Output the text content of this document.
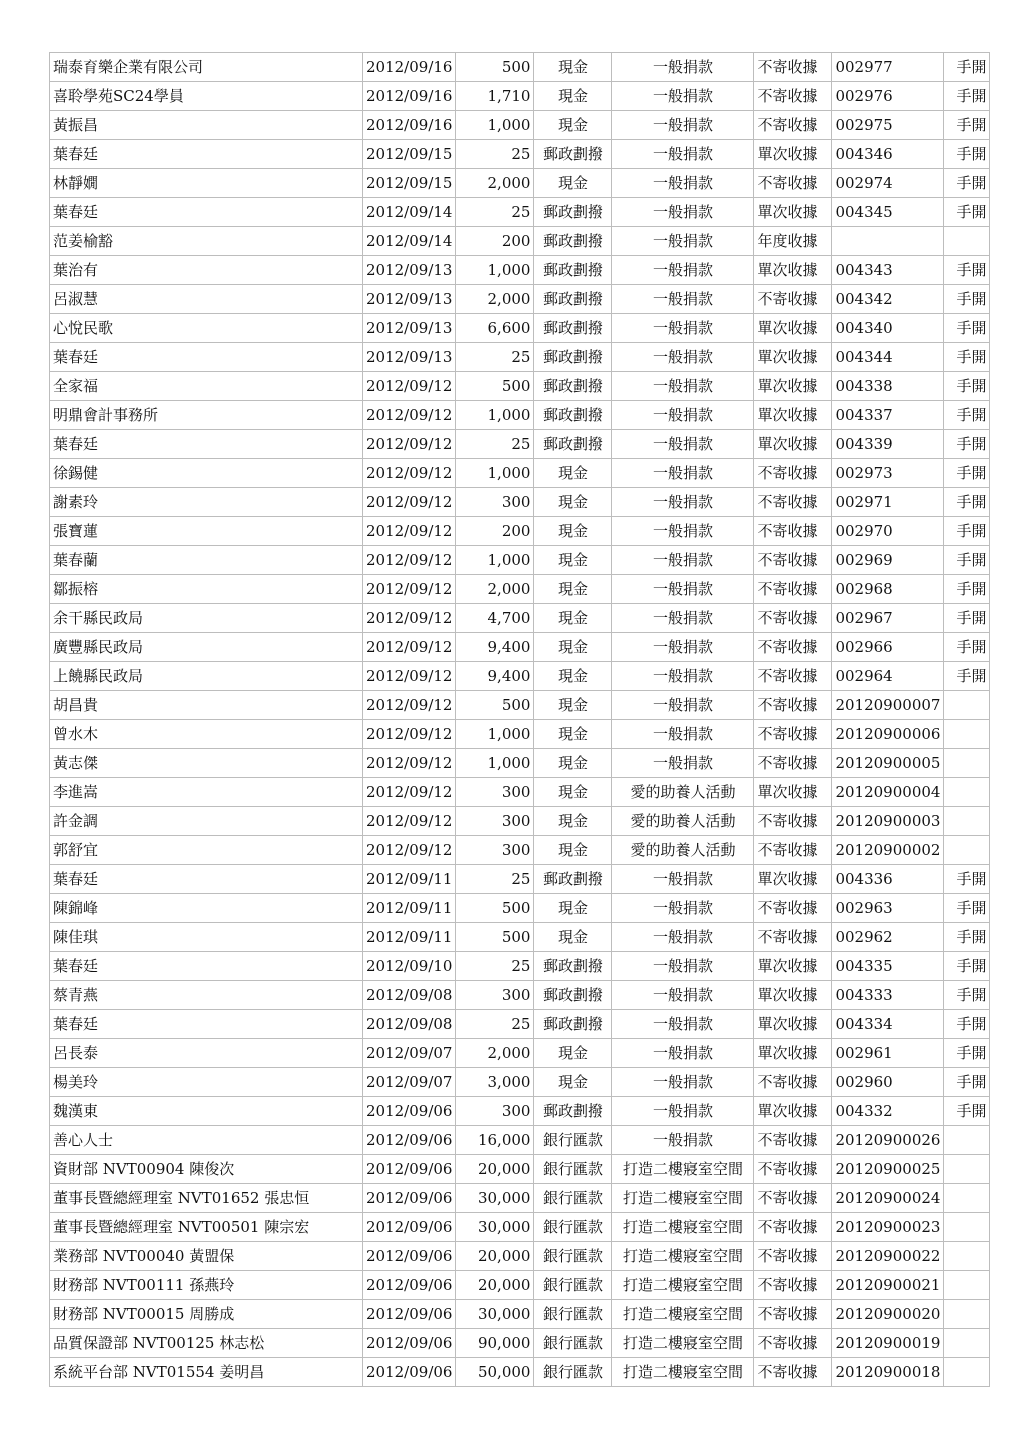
瑞泰育樂企業有限公司	2012/09/16	500	現金	一般捐款	不寄收據	002977	手開
喜聆學苑SC24學員	2012/09/16	1,710	現金	一般捐款	不寄收據	002976	手開
黃振昌	2012/09/16	1,000	現金	一般捐款	不寄收據	002975	手開
葉春廷	2012/09/15	25	郵政劃撥	一般捐款	單次收據	004346	手開
林靜嫺	2012/09/15	2,000	現金	一般捐款	不寄收據	002974	手開
葉春廷	2012/09/14	25	郵政劃撥	一般捐款	單次收據	004345	手開
范姜榆豁	2012/09/14	200	郵政劃撥	一般捐款	年度收據		
葉治有	2012/09/13	1,000	郵政劃撥	一般捐款	單次收據	004343	手開
呂淑慧	2012/09/13	2,000	郵政劃撥	一般捐款	不寄收據	004342	手開
心悅民歌	2012/09/13	6,600	郵政劃撥	一般捐款	單次收據	004340	手開
葉春廷	2012/09/13	25	郵政劃撥	一般捐款	單次收據	004344	手開
全家福	2012/09/12	500	郵政劃撥	一般捐款	單次收據	004338	手開
明鼎會計事務所	2012/09/12	1,000	郵政劃撥	一般捐款	單次收據	004337	手開
葉春廷	2012/09/12	25	郵政劃撥	一般捐款	單次收據	004339	手開
徐錫健	2012/09/12	1,000	現金	一般捐款	不寄收據	002973	手開
謝素玲	2012/09/12	300	現金	一般捐款	不寄收據	002971	手開
張寶蓮	2012/09/12	200	現金	一般捐款	不寄收據	002970	手開
葉春蘭	2012/09/12	1,000	現金	一般捐款	不寄收據	002969	手開
鄒振榕	2012/09/12	2,000	現金	一般捐款	不寄收據	002968	手開
余干縣民政局	2012/09/12	4,700	現金	一般捐款	不寄收據	002967	手開
廣豐縣民政局	2012/09/12	9,400	現金	一般捐款	不寄收據	002966	手開
上饒縣民政局	2012/09/12	9,400	現金	一般捐款	不寄收據	002964	手開
胡昌貴	2012/09/12	500	現金	一般捐款	不寄收據	20120900007	
曾水木	2012/09/12	1,000	現金	一般捐款	不寄收據	20120900006	
黃志傑	2012/09/12	1,000	現金	一般捐款	不寄收據	20120900005	
李進嵩	2012/09/12	300	現金	愛的助養人活動	單次收據	20120900004	
許金調	2012/09/12	300	現金	愛的助養人活動	不寄收據	20120900003	
郭舒宜	2012/09/12	300	現金	愛的助養人活動	不寄收據	20120900002	
葉春廷	2012/09/11	25	郵政劃撥	一般捐款	單次收據	004336	手開
陳錦峰	2012/09/11	500	現金	一般捐款	不寄收據	002963	手開
陳佳琪	2012/09/11	500	現金	一般捐款	不寄收據	002962	手開
葉春廷	2012/09/10	25	郵政劃撥	一般捐款	單次收據	004335	手開
蔡青燕	2012/09/08	300	郵政劃撥	一般捐款	單次收據	004333	手開
葉春廷	2012/09/08	25	郵政劃撥	一般捐款	單次收據	004334	手開
呂長泰	2012/09/07	2,000	現金	一般捐款	單次收據	002961	手開
楊美玲	2012/09/07	3,000	現金	一般捐款	不寄收據	002960	手開
魏漢東	2012/09/06	300	郵政劃撥	一般捐款	單次收據	004332	手開
善心人士	2012/09/06	16,000	銀行匯款	一般捐款	不寄收據	20120900026	
資財部 NVT00904 陳俊次	2012/09/06	20,000	銀行匯款	打造二樓寢室空間	不寄收據	20120900025	
董事長暨總經理室 NVT01652 張忠恒	2012/09/06	30,000	銀行匯款	打造二樓寢室空間	不寄收據	20120900024	
董事長暨總經理室 NVT00501 陳宗宏	2012/09/06	30,000	銀行匯款	打造二樓寢室空間	不寄收據	20120900023	
業務部 NVT00040 黃盟保	2012/09/06	20,000	銀行匯款	打造二樓寢室空間	不寄收據	20120900022	
財務部 NVT00111 孫燕玲	2012/09/06	20,000	銀行匯款	打造二樓寢室空間	不寄收據	20120900021	
財務部 NVT00015 周勝成	2012/09/06	30,000	銀行匯款	打造二樓寢室空間	不寄收據	20120900020	
品質保證部 NVT00125 林志松	2012/09/06	90,000	銀行匯款	打造二樓寢室空間	不寄收據	20120900019	
系統平台部 NVT01554 姜明昌	2012/09/06	50,000	銀行匯款	打造二樓寢室空間	不寄收據	20120900018	
